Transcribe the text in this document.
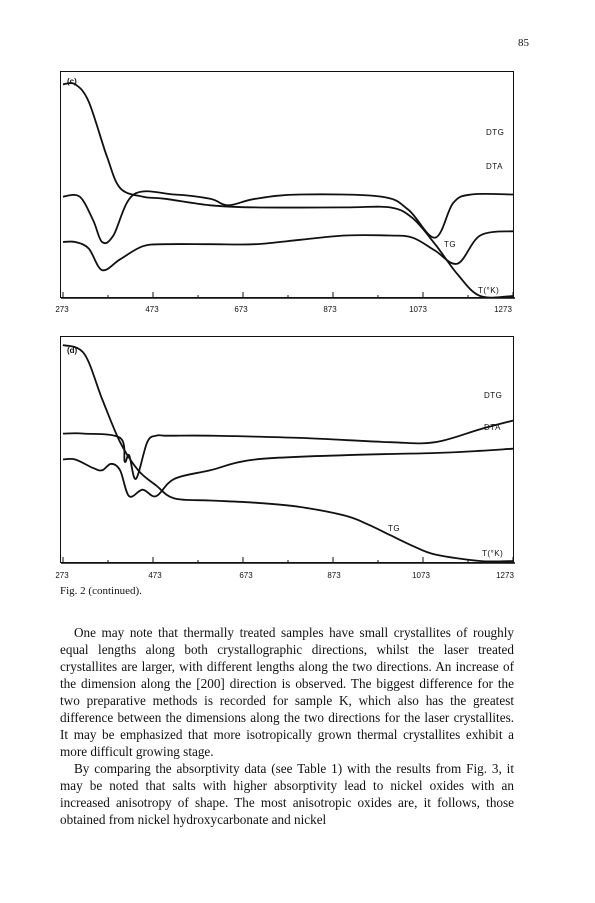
85
(c)
DTG
DTA
TG
T(°K)
273	473	673	873	1073	1273
(d)
DTG
DTA
TG
T(°K)
273	473	673	873	1073	1273
Fig. 2 (continued).

One may note that thermally treated samples have small crystallites of roughly equal lengths along both crystallographic directions, whilst the laser treated crystallites are larger, with different lengths along the two directions. An increase of the dimension along the [200] direction is observed. The biggest difference for the two preparative methods is recorded for sample K, which also has the greatest difference between the dimensions along the two directions for the laser crystallites. It may be emphasized that more isotropically grown thermal crystallites exhibit a more difficult growing stage.

By comparing the absorptivity data (see Table 1) with the results from Fig. 3, it may be noted that salts with higher absorptivity lead to nickel oxides with an increased anisotropy of shape. The most anisotropic oxides are, it follows, those obtained from nickel hydroxycarbonate and nickel
